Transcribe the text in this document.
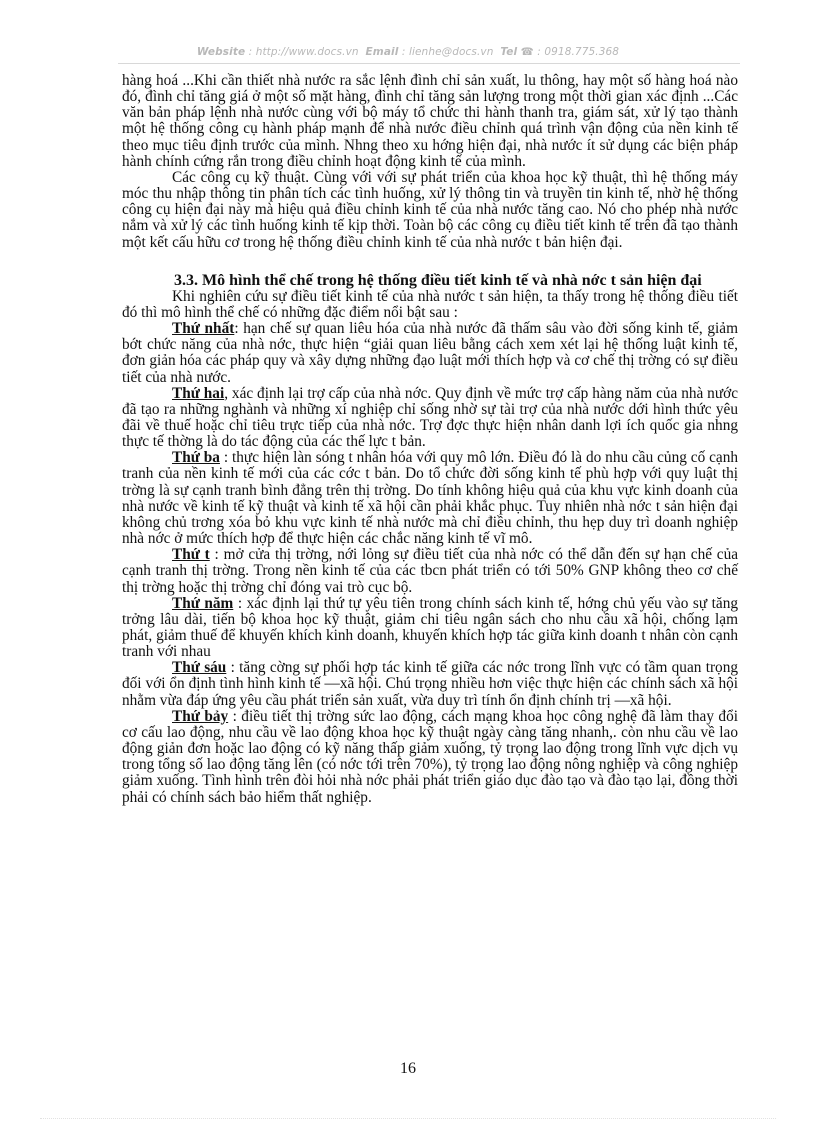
Website : http://www.docs.vn Email : lienhe@docs.vn Tel ☎ : 0918.775.368

hàng hoá ...Khi cần thiết nhà nước ra sắc lệnh đình chỉ sản xuất, lu thông, hay một số hàng hoá nào đó, đình chỉ tăng giá ở một số mặt hàng, đình chỉ tăng sản lượng trong một thời gian xác định ...Các văn bản pháp lệnh nhà nước cùng với bộ máy tổ chức thi hành thanh tra, giám sát, xử lý tạo thành một hệ thống công cụ hành pháp mạnh để nhà nước điều chỉnh quá trình vận động của nền kinh tế theo mục tiêu định trước của mình. Nhng theo xu hớng hiện đại, nhà nước ít sử dụng các biện pháp hành chính cứng rắn trong điều chỉnh hoạt động kinh tế của mình.

Các công cụ kỹ thuật. Cùng với với sự phát triển của khoa học kỹ thuật, thì hệ thống máy móc thu nhập thông tin phân tích các tình huống, xử lý thông tin và truyền tin kinh tế, nhờ hệ thống công cụ hiện đại này mà hiệu quả điều chỉnh kinh tế của nhà nước tăng cao. Nó cho phép nhà nước nắm và xử lý các tình huống kinh tế kịp thời. Toàn bộ các công cụ điều tiết kinh tế trên đã tạo thành một kết cấu hữu cơ trong hệ thống điều chỉnh kinh tế của nhà nước t bản hiện đại.

3.3. Mô hình thể chế trong hệ thống điều tiết kinh tế và nhà nớc t sản hiện đại

Khi nghiên cứu sự điều tiết kinh tế của nhà nước t sản hiện, ta thấy trong hệ thống điều tiết đó thì mô hình thể chế có những đặc điểm nổi bật sau :

Thứ nhất: hạn chế sự quan liêu hóa của nhà nước đã thấm sâu vào đời sống kinh tế, giảm bớt chức năng của nhà nớc, thực hiện “giải quan liêu bằng cách xem xét lại hệ thống luật kinh tế, đơn giản hóa các pháp quy và xây dựng những đạo luật mới thích hợp và cơ chế thị trờng có sự điều tiết của nhà nước.

Thứ hai, xác định lại trợ cấp của nhà nớc. Quy định về mức trợ cấp hàng năm của nhà nước đã tạo ra những nghành và những xí nghiệp chỉ sống nhờ sự tài trợ của nhà nước dới hình thức yêu đãi về thuế hoặc chỉ tiêu trực tiếp của nhà nớc. Trợ đợc thực hiện nhân danh lợi ích quốc gia nhng thực tế thờng là do tác động của các thế lực t bản.

Thứ ba : thực hiện làn sóng t nhân hóa với quy mô lớn. Điều đó là do nhu cầu củng cố cạnh tranh của nền kinh tế mới của các cớc t bản. Do tổ chức đời sống kinh tế phù hợp với quy luật thị trờng là sự cạnh tranh bình đẳng trên thị trờng. Do tính không hiệu quả của khu vực kinh doanh của nhà nước về kinh tế kỹ thuật và kinh tế xã hội cần phải khắc phục. Tuy nhiên nhà nớc t sản hiện đại không chủ trơng xóa bỏ khu vực kinh tế nhà nước mà chỉ điều chỉnh, thu hẹp duy trì doanh nghiệp nhà nớc ở mức thích hợp để thực hiện các chắc năng kinh tế vĩ mô.

Thứ t : mở cửa thị trờng, nới lỏng sự điều tiết của nhà nớc có thể dẫn đến sự hạn chế của cạnh tranh thị trờng. Trong nền kinh tế của các tbcn phát triển có tới 50% GNP không theo cơ chế thị trờng hoặc thị trờng chỉ đóng vai trò cục bộ.

Thứ năm : xác định lại thứ tự yêu tiên trong chính sách kinh tế, hớng chủ yếu vào sự tăng trởng lâu dài, tiến bộ khoa học kỹ thuật, giảm chi tiêu ngân sách cho nhu cầu xã hội, chống lạm phát, giảm thuế để khuyến khích kinh doanh, khuyến khích hợp tác giữa kinh doanh t nhân còn cạnh tranh với nhau

Thứ sáu : tăng cờng sự phối hợp tác kinh tế giữa các nớc trong lĩnh vực có tầm quan trọng đối với ổn định tình hình kinh tế —xã hội. Chú trọng nhiều hơn việc thực hiện các chính sách xã hội nhằm vừa đáp ứng yêu cầu phát triển sản xuất, vừa duy trì tính ổn định chính trị —xã hội.

Thứ bảy : điều tiết thị trờng sức lao động, cách mạng khoa học công nghệ đã làm thay đổi cơ cấu lao động, nhu cầu về lao động khoa học kỹ thuật ngày càng tăng nhanh,. còn nhu cầu về lao động giản đơn hoặc lao động có kỹ năng thấp giảm xuống, tỷ trọng lao động trong lĩnh vực dịch vụ trong tổng số lao động tăng lên (có nớc tới trên 70%), tỷ trọng lao động nông nghiệp và công nghiệp giảm xuống. Tình hình trên đòi hỏi nhà nớc phải phát triển giáo dục đào tạo và đào tạo lại, đồng thời phải có chính sách bảo hiểm thất nghiệp.

16
